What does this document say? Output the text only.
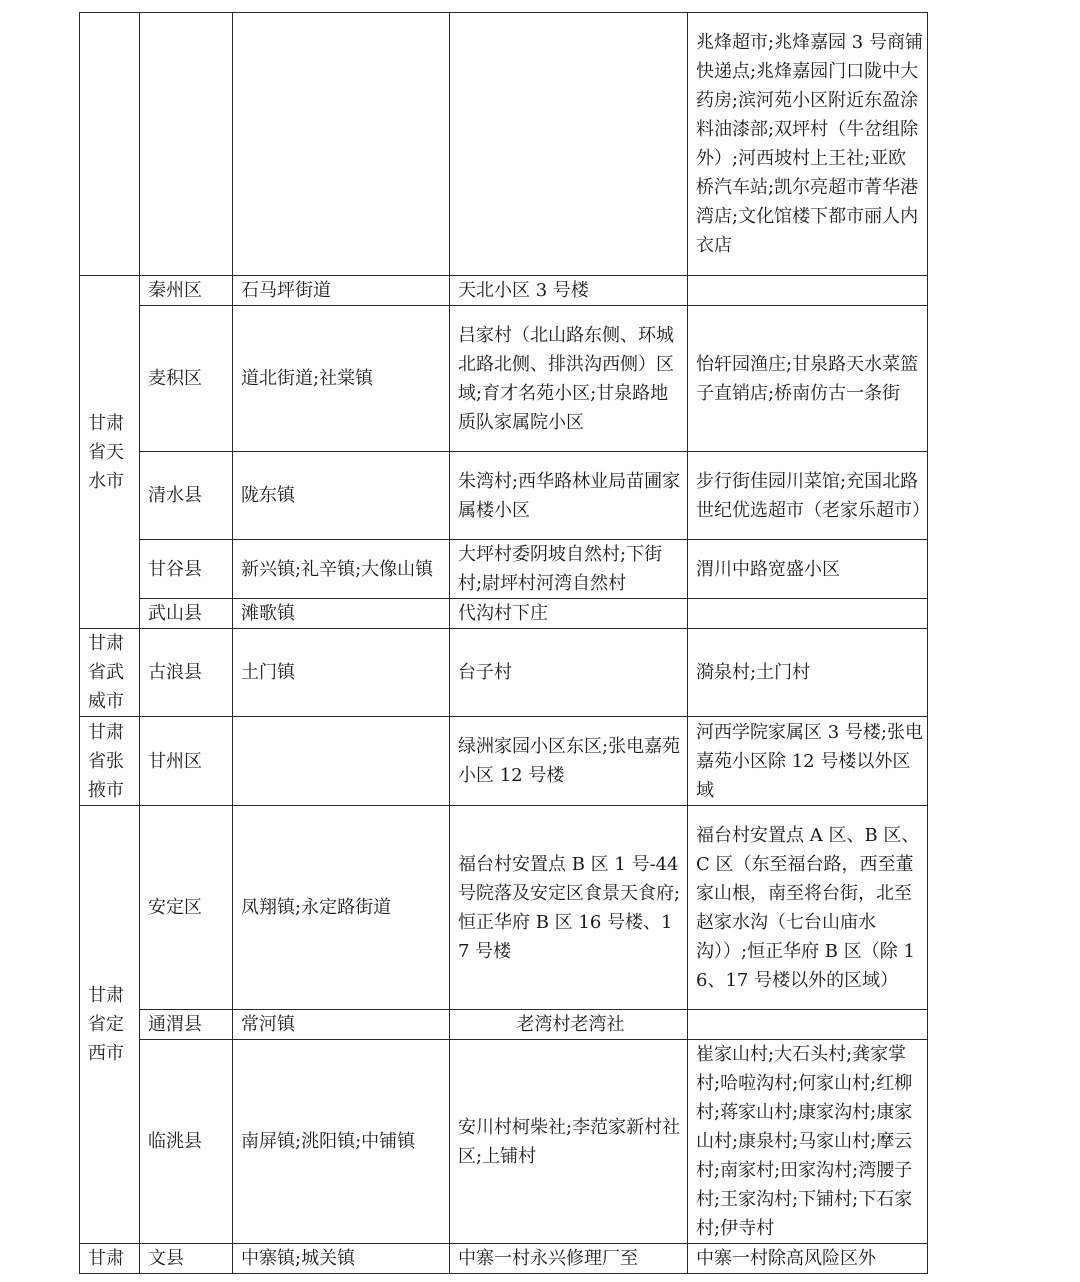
				兆烽超市;兆烽嘉园 3 号商铺快递点;兆烽嘉园门口陇中大药房;滨河苑小区附近东盈涂料油漆部;双坪村（牛岔组除外）;河西坡村上王社;亚欧桥汽车站;凯尔亮超市菁华港湾店;文化馆楼下都市丽人内衣店
甘肃省天水市	秦州区	石马坪街道	天北小区 3 号楼	
	麦积区	道北街道;社棠镇	吕家村（北山路东侧、环城北路北侧、排洪沟西侧）区域;育才名苑小区;甘泉路地质队家属院小区	怡轩园渔庄;甘泉路天水菜篮子直销店;桥南仿古一条街
	清水县	陇东镇	朱湾村;西华路林业局苗圃家属楼小区	步行街佳园川菜馆;充国北路世纪优选超市（老家乐超市）
	甘谷县	新兴镇;礼辛镇;大像山镇	大坪村委阴坡自然村;下街村;尉坪村河湾自然村	渭川中路宽盛小区
	武山县	滩歌镇	代沟村下庄	
甘肃省武威市	古浪县	土门镇	台子村	漪泉村;土门村
甘肃省张掖市	甘州区		绿洲家园小区东区;张电嘉苑小区 12 号楼	河西学院家属区 3 号楼;张电嘉苑小区除 12 号楼以外区域
甘肃省定西市	安定区	凤翔镇;永定路街道	福台村安置点 B 区 1 号-44 号院落及安定区食景天食府;恒正华府 B 区 16 号楼、17 号楼	福台村安置点 A 区、B 区、C 区（东至福台路，西至董家山根，南至将台街，北至赵家水沟（七台山庙水沟））;恒正华府 B 区（除 16、17 号楼以外的区域）
	通渭县	常河镇	老湾村老湾社	
	临洮县	南屏镇;洮阳镇;中铺镇	安川村柯柴社;李范家新村社区;上铺村	崔家山村;大石头村;龚家掌村;哈啦沟村;何家山村;红柳村;蒋家山村;康家沟村;康家山村;康泉村;马家山村;摩云村;南家村;田家沟村;湾腰子村;王家沟村;下铺村;下石家村;伊寺村
甘肃	文县	中寨镇;城关镇	中寨一村永兴修理厂至	中寨一村除高风险区外
